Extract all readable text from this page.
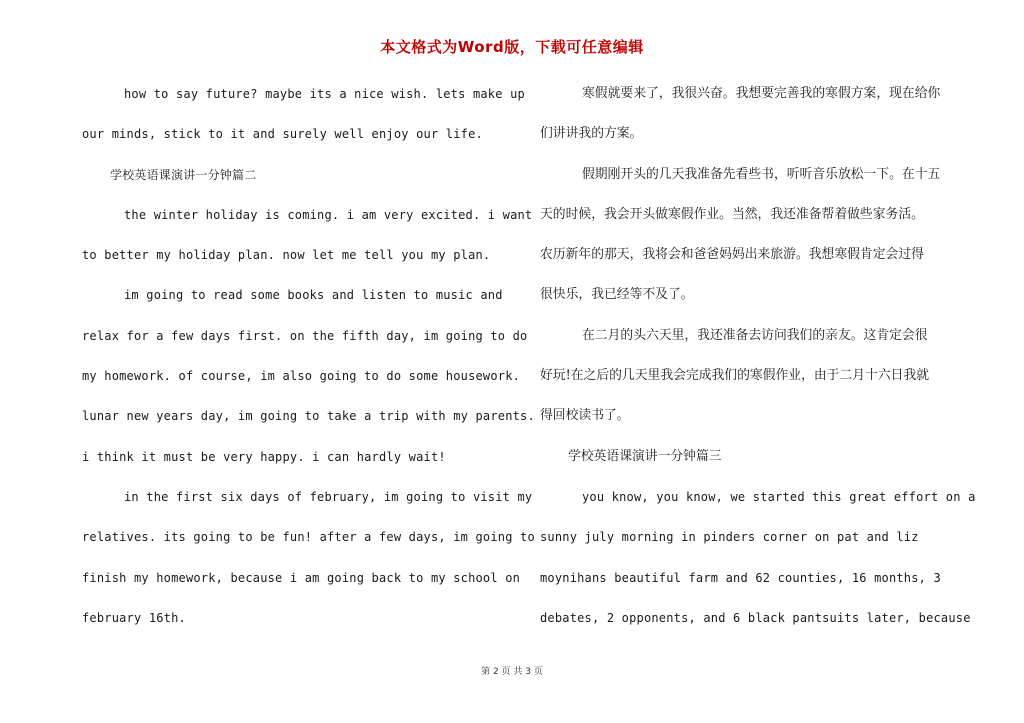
本文格式为Word版，下载可任意编辑
how to say future? maybe its a nice wish. lets make up
our minds, stick to it and surely well enjoy our life.
学校英语课演讲一分钟篇二
the winter holiday is coming. i am very excited. i want
to better my holiday plan. now let me tell you my plan.
im going to read some books and listen to music and
relax for a few days first. on the fifth day, im going to do
my homework. of course, im also going to do some housework.
lunar new years day, im going to take a trip with my parents.
i think it must be very happy. i can hardly wait!
in the first six days of february, im going to visit my
relatives. its going to be fun! after a few days, im going to
finish my homework, because i am going back to my school on
february 16th.
寒假就要来了，我很兴奋。我想要完善我的寒假方案，现在给你
们讲讲我的方案。
假期刚开头的几天我准备先看些书，听听音乐放松一下。在十五
天的时候，我会开头做寒假作业。当然，我还准备帮着做些家务活。
农历新年的那天，我将会和爸爸妈妈出来旅游。我想寒假肯定会过得
很快乐，我已经等不及了。
在二月的头六天里，我还准备去访问我们的亲友。这肯定会很
好玩!在之后的几天里我会完成我们的寒假作业，由于二月十六日我就
得回校读书了。
学校英语课演讲一分钟篇三
you know, you know, we started this great effort on a
sunny july morning in pinders corner on pat and liz
moynihans beautiful farm and 62 counties, 16 months, 3
debates, 2 opponents, and 6 black pantsuits later, because
第 2 页 共 3 页
